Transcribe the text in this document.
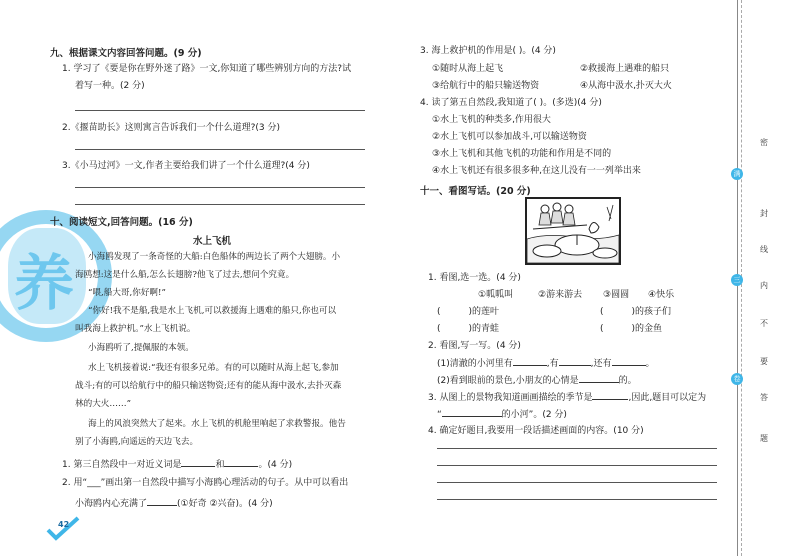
养
九、根据课文内容回答问题。(9 分)
1. 学习了《要是你在野外迷了路》一文,你知道了哪些辨别方向的方法?试
着写一种。(2 分)
2.《揠苗助长》这则寓言告诉我们一个什么道理?(3 分)
3.《小马过河》一文,作者主要给我们讲了一个什么道理?(4 分)
十、阅读短文,回答问题。(16 分)
水上飞机
小海鸥发现了一条奇怪的大船:白色船体的两边长了两个大翅膀。小
海鸥想:这是什么船,怎么长翅膀?他飞了过去,想问个究竟。
“喂,船大哥,你好啊!”
“你好!我不是船,我是水上飞机,可以救援海上遇难的船只,你也可以
叫我海上救护机。”水上飞机说。
小海鸥听了,提佩服的本领。
水上飞机接着说:“我还有很多兄弟。有的可以随时从海上起飞,参加
战斗;有的可以给航行中的船只输送物资;还有的能从海中汲水,去扑灭森
林的大火……”
海上的风浪突然大了起来。水上飞机的机舱里响起了求救警报。他告
别了小海鸥,向遥远的天边飞去。
1. 第三自然段中一对近义词是	和	。(4 分)
2. 用“___”画出第一自然段中描写小海鸥心理活动的句子。从中可以看出
小海鸥内心充满了	(①好奇 ②兴奋)。(4 分)
42
3. 海上救护机的作用是( )。(4 分)
①随时从海上起飞	②救援海上遇难的船只
③给航行中的船只输送物资	④从海中汲水,扑灭大火
4. 读了第五自然段,我知道了( )。(多选)(4 分)
①水上飞机的种类多,作用很大
②水上飞机可以参加战斗,可以输送物资
③水上飞机和其他飞机的功能和作用是不同的
④水上飞机还有很多很多种,在这儿没有一一列举出来
十一、看图写话。(20 分)
1. 看图,选一选。(4 分)
①呱呱叫	②游来游去 ③圆圆 ④快乐
(	)的莲叶	(	)的孩子们
(	)的青蛙	(	)的金鱼
2. 看图,写一写。(4 分)
(1)清澈的小河里有	,有	,还有	。
(2)看到眼前的景色,小朋友的心情是	的。
3. 从图上的景物我知道画画描绘的季节是	,因此,题目可以定为
“	的小河”。(2 分)
4. 确定好题目,我要用一段话描述画面的内容。(10 分)
密
封
线
内
不
要
答
题
满
三
卷
